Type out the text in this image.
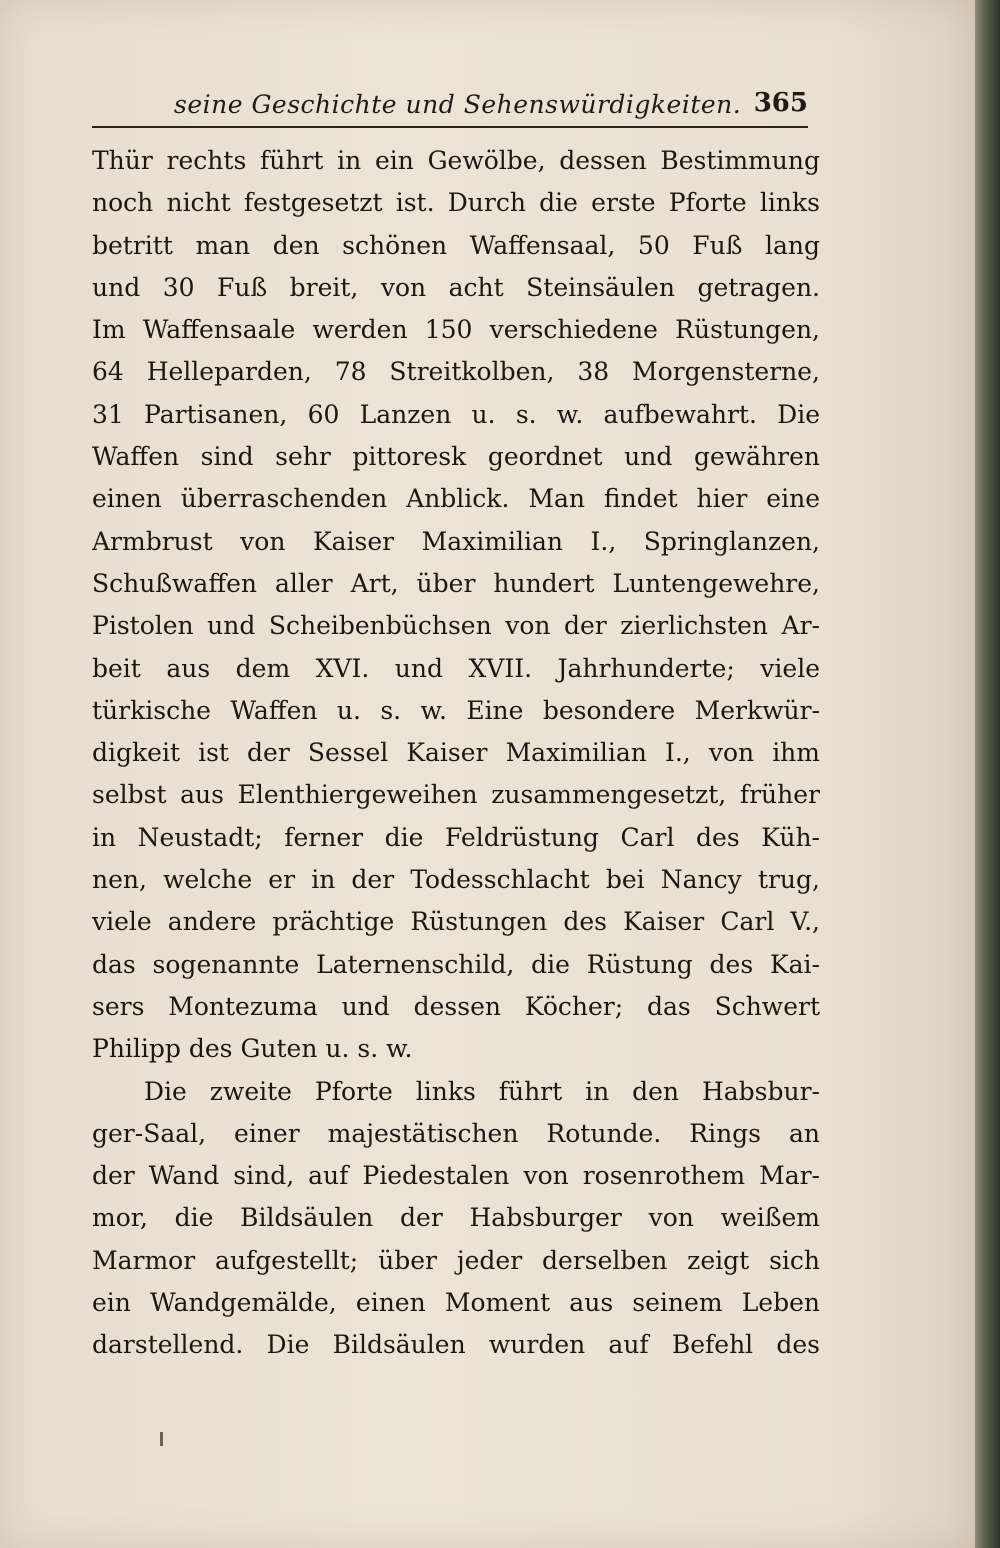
seine Geschichte und Sehenswürdigkeiten. 365
Thür rechts führt in ein Gewölbe, dessen Bestimmung
noch nicht festgesetzt ist. Durch die erste Pforte links
betritt man den schönen Waffensaal, 50 Fuß lang
und 30 Fuß breit, von acht Steinsäulen getragen.
Im Waffensaale werden 150 verschiedene Rüstungen,
64 Helleparden, 78 Streitkolben, 38 Morgensterne,
31 Partisanen, 60 Lanzen u. s. w. aufbewahrt. Die
Waffen sind sehr pittoresk geordnet und gewähren
einen überraschenden Anblick. Man findet hier eine
Armbrust von Kaiser Maximilian I., Springlanzen,
Schußwaffen aller Art, über hundert Luntengewehre,
Pistolen und Scheibenbüchsen von der zierlichsten Ar-
beit aus dem XVI. und XVII. Jahrhunderte; viele
türkische Waffen u. s. w. Eine besondere Merkwür-
digkeit ist der Sessel Kaiser Maximilian I., von ihm
selbst aus Elenthiergeweihen zusammengesetzt, früher
in Neustadt; ferner die Feldrüstung Carl des Küh-
nen, welche er in der Todesschlacht bei Nancy trug,
viele andere prächtige Rüstungen des Kaiser Carl V.,
das sogenannte Laternenschild, die Rüstung des Kai-
sers Montezuma und dessen Köcher; das Schwert
Philipp des Guten u. s. w.
Die zweite Pforte links führt in den Habsbur-
ger-Saal, einer majestätischen Rotunde. Rings an
der Wand sind, auf Piedestalen von rosenrothem Mar-
mor, die Bildsäulen der Habsburger von weißem
Marmor aufgestellt; über jeder derselben zeigt sich
ein Wandgemälde, einen Moment aus seinem Leben
darstellend. Die Bildsäulen wurden auf Befehl des
